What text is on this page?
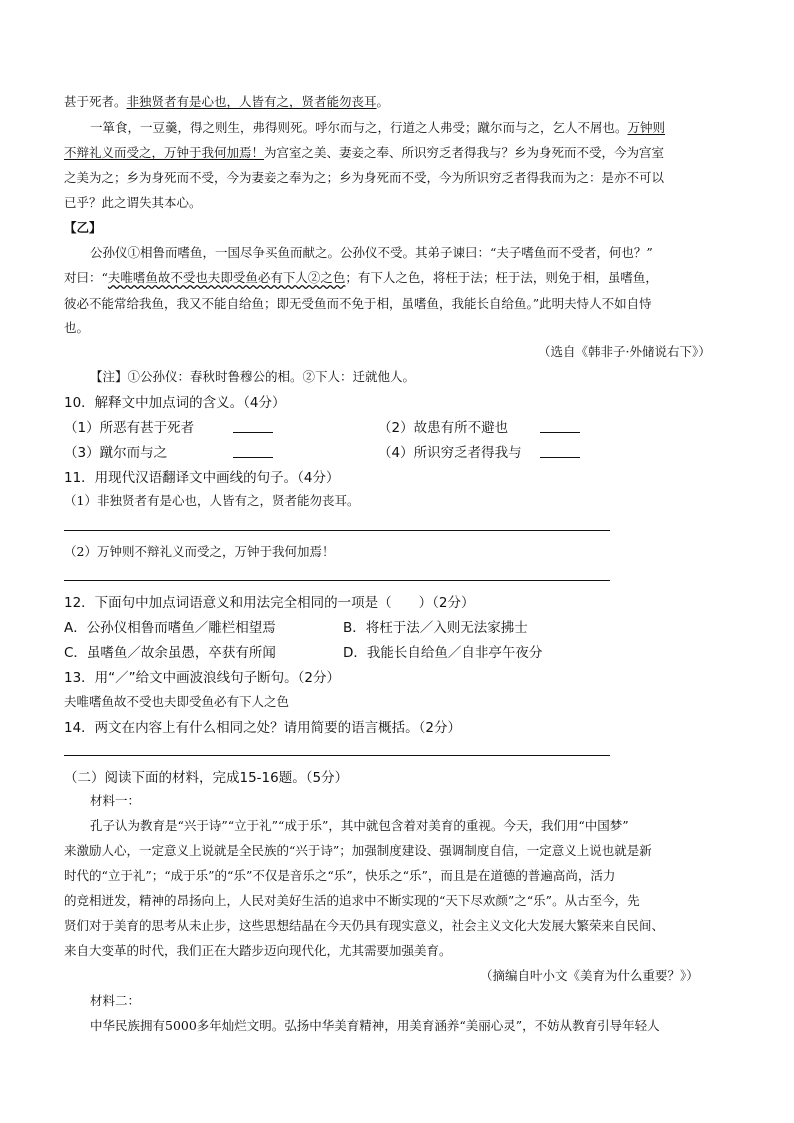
甚于死者。非独贤者有是心也，人皆有之，贤者能勿丧耳。
一箪食，一豆羹，得之则生，弗得则死。呼尔而与之，行道之人弗受；蹴尔而与之，乞人不屑也。万钟则
不辩礼义而受之，万钟于我何加焉！为宫室之美、妻妾之奉、所识穷乏者得我与？乡为身死而不受，今为宫室
之美为之；乡为身死而不受，今为妻妾之奉为之；乡为身死而不受，今为所识穷乏者得我而为之：是亦不可以
已乎？此之谓失其本心。
【乙】
公孙仪①相鲁而嗜鱼，一国尽争买鱼而献之。公孙仪不受。其弟子谏曰：“夫子嗜鱼而不受者，何也？”
对曰：“夫唯嗜鱼故不受也夫即受鱼必有下人②之色；有下人之色，将枉于法；枉于法，则免于相，虽嗜鱼，
彼必不能常给我鱼，我又不能自给鱼；即无受鱼而不免于相，虽嗜鱼，我能长自给鱼。”此明夫恃人不如自恃
也。
（选自《韩非子·外储说右下》）
【注】①公孙仪：春秋时鲁穆公的相。②下人：迁就他人。
10．解释文中加点词的含义。（4分）
（1）所恶有甚于死者	（2）故患有所不避也
（3）蹴尔而与之	（4）所识穷乏者得我与
11．用现代汉语翻译文中画线的句子。（4分）
（1）非独贤者有是心也，人皆有之，贤者能勿丧耳。
（2）万钟则不辩礼义而受之，万钟于我何加焉！
12．下面句中加点词语意义和用法完全相同的一项是（　　）（2分）
A．公孙仪相鲁而嗜鱼／雕栏相望焉	B．将枉于法／入则无法家拂士
C．虽嗜鱼／故余虽愚，卒获有所闻	D．我能长自给鱼／自非亭午夜分
13．用“／”给文中画波浪线句子断句。（2分）
夫唯嗜鱼故不受也夫即受鱼必有下人之色
14．两文在内容上有什么相同之处？请用简要的语言概括。（2分）
（二）阅读下面的材料，完成15-16题。（5分）
材料一：
孔子认为教育是“兴于诗”“立于礼”“成于乐”，其中就包含着对美育的重视。今天，我们用“中国梦”
来激励人心，一定意义上说就是全民族的“兴于诗”；加强制度建设、强调制度自信，一定意义上说也就是新
时代的“立于礼”；“成于乐”的“乐”不仅是音乐之“乐”，快乐之“乐”，而且是在道德的普遍高尚，活力
的竞相迸发，精神的昂扬向上，人民对美好生活的追求中不断实现的“天下尽欢颜”之“乐”。从古至今，先
贤们对于美育的思考从未止步，这些思想结晶在今天仍具有现实意义，社会主义文化大发展大繁荣来自民间、
来自大变革的时代，我们正在大踏步迈向现代化，尤其需要加强美育。
（摘编自叶小文《美育为什么重要？》）
材料二：
中华民族拥有5000多年灿烂文明。弘扬中华美育精神，用美育涵养“美丽心灵”，不妨从教育引导年轻人
